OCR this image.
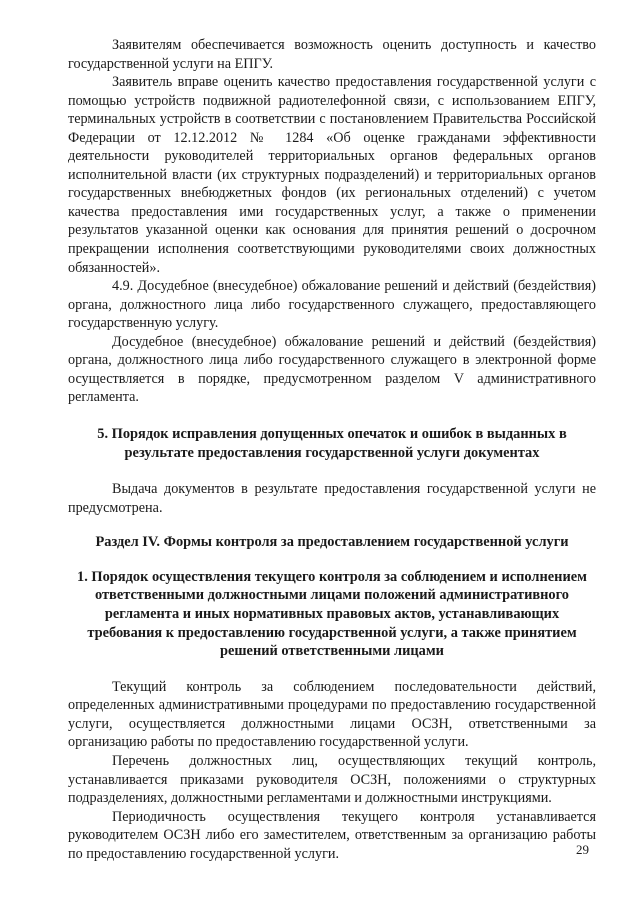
Заявителям обеспечивается возможность оценить доступность и качество государственной услуги на ЕПГУ.

Заявитель вправе оценить качество предоставления государственной услуги с помощью устройств подвижной радиотелефонной связи, с использованием ЕПГУ, терминальных устройств в соответствии с постановлением Правительства Российской Федерации от 12.12.2012 № 1284 «Об оценке гражданами эффективности деятельности руководителей территориальных органов федеральных органов исполнительной власти (их структурных подразделений) и территориальных органов государственных внебюджетных фондов (их региональных отделений) с учетом качества предоставления ими государственных услуг, а также о применении результатов указанной оценки как основания для принятия решений о досрочном прекращении исполнения соответствующими руководителями своих должностных обязанностей».

4.9. Досудебное (внесудебное) обжалование решений и действий (бездействия) органа, должностного лица либо государственного служащего, предоставляющего государственную услугу.

Досудебное (внесудебное) обжалование решений и действий (бездействия) органа, должностного лица либо государственного служащего в электронной форме осуществляется в порядке, предусмотренном разделом V административного регламента.

5. Порядок исправления допущенных опечаток и ошибок в выданных в результате предоставления государственной услуги документах

Выдача документов в результате предоставления государственной услуги не предусмотрена.

Раздел IV. Формы контроля за предоставлением государственной услуги
1. Порядок осуществления текущего контроля за соблюдением и исполнением ответственными должностными лицами положений административного регламента и иных нормативных правовых актов, устанавливающих требования к предоставлению государственной услуги, а также принятием решений ответственными лицами

Текущий контроль за соблюдением последовательности действий, определенных административными процедурами по предоставлению государственной услуги, осуществляется должностными лицами ОСЗН, ответственными за организацию работы по предоставлению государственной услуги.

Перечень должностных лиц, осуществляющих текущий контроль, устанавливается приказами руководителя ОСЗН, положениями о структурных подразделениях, должностными регламентами и должностными инструкциями.

Периодичность осуществления текущего контроля устанавливается руководителем ОСЗН либо его заместителем, ответственным за организацию работы по предоставлению государственной услуги.	29
